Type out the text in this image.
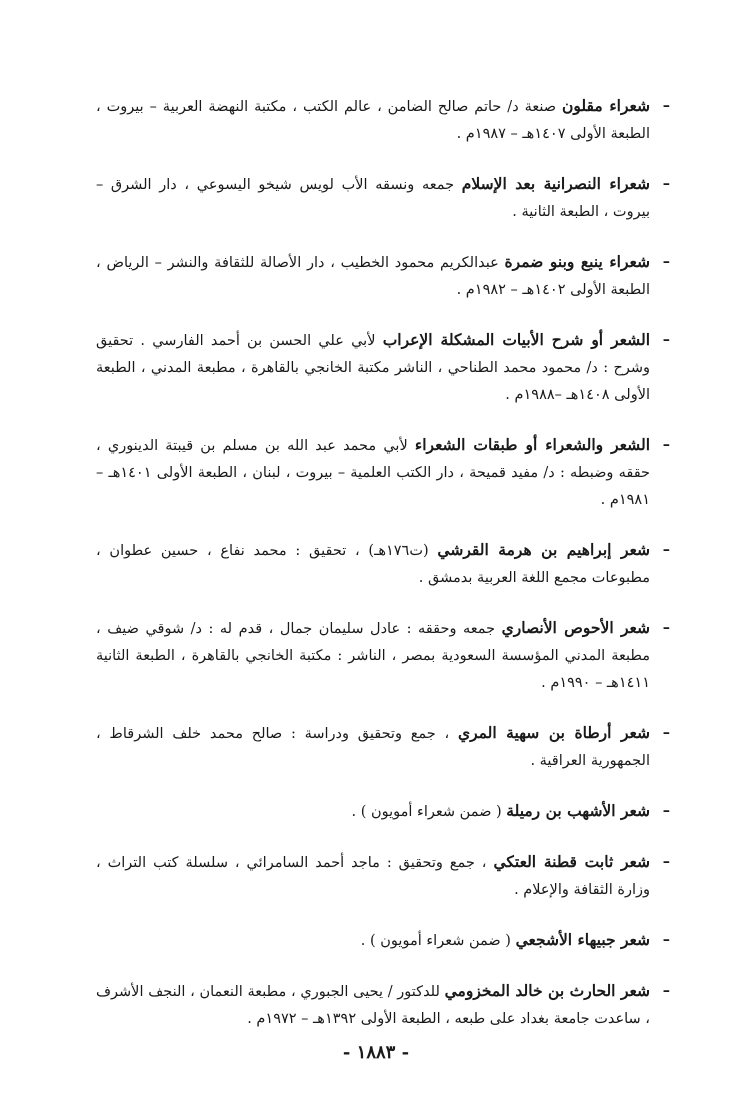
–
شعراء مقلون صنعة د/ حاتم صالح الضامن ، عالم الكتب ، مكتبة النهضة العربية – بيروت ، الطبعة الأولى ١٤٠٧هـ – ١٩٨٧م .
–
شعراء النصرانية بعد الإسلام جمعه ونسقه الأب لويس شيخو اليسوعي ، دار الشرق – بيروت ، الطبعة الثانية .
–
شعراء ينبع وبنو ضمرة عبدالكريم محمود الخطيب ، دار الأصالة للثقافة والنشر – الرياض ، الطبعة الأولى ١٤٠٢هـ – ١٩٨٢م .
–
الشعر أو شرح الأبيات المشكلة الإعراب لأبي علي الحسن بن أحمد الفارسي . تحقيق وشرح : د/ محمود محمد الطناحي ، الناشر مكتبة الخانجي بالقاهرة ، مطبعة المدني ، الطبعة الأولى ١٤٠٨هـ –١٩٨٨م .
–
الشعر والشعراء أو طبقات الشعراء لأبي محمد عبد الله بن مسلم بن قيبتة الدينوري ، حققه وضبطه : د/ مفيد قميحة ، دار الكتب العلمية – بيروت ، لبنان ، الطبعة الأولى ١٤٠١هـ – ١٩٨١م .
–
شعر إبراهيم بن هرمة القرشي (ت١٧٦هـ) ، تحقيق : محمد نفاع ، حسين عطوان ، مطبوعات مجمع اللغة العربية بدمشق .
–
شعر الأحوص الأنصاري جمعه وحققه : عادل سليمان جمال ، قدم له : د/ شوقي ضيف ، مطبعة المدني المؤسسة السعودية بمصر ، الناشر : مكتبة الخانجي بالقاهرة ، الطبعة الثانية ١٤١١هـ – ١٩٩٠م .
–
شعر أرطاة بن سهية المري ، جمع وتحقيق ودراسة : صالح محمد خلف الشرقاط ، الجمهورية العراقية .
–
شعر الأشهب بن رميلة ( ضمن شعراء أمويون ) .
–
شعر ثابت قطنة العتكي ، جمع وتحقيق : ماجد أحمد السامرائي ، سلسلة كتب التراث ، وزارة الثقافة والإعلام .
–
شعر جبيهاء الأشجعي ( ضمن شعراء أمويون ) .
–
شعر الحارث بن خالد المخزومي للدكتور / يحيى الجبوري ، مطبعة النعمان ، النجف الأشرف ، ساعدت جامعة بغداد على طبعه ، الطبعة الأولى ١٣٩٢هـ – ١٩٧٢م .
- ١٨٨٣ -
